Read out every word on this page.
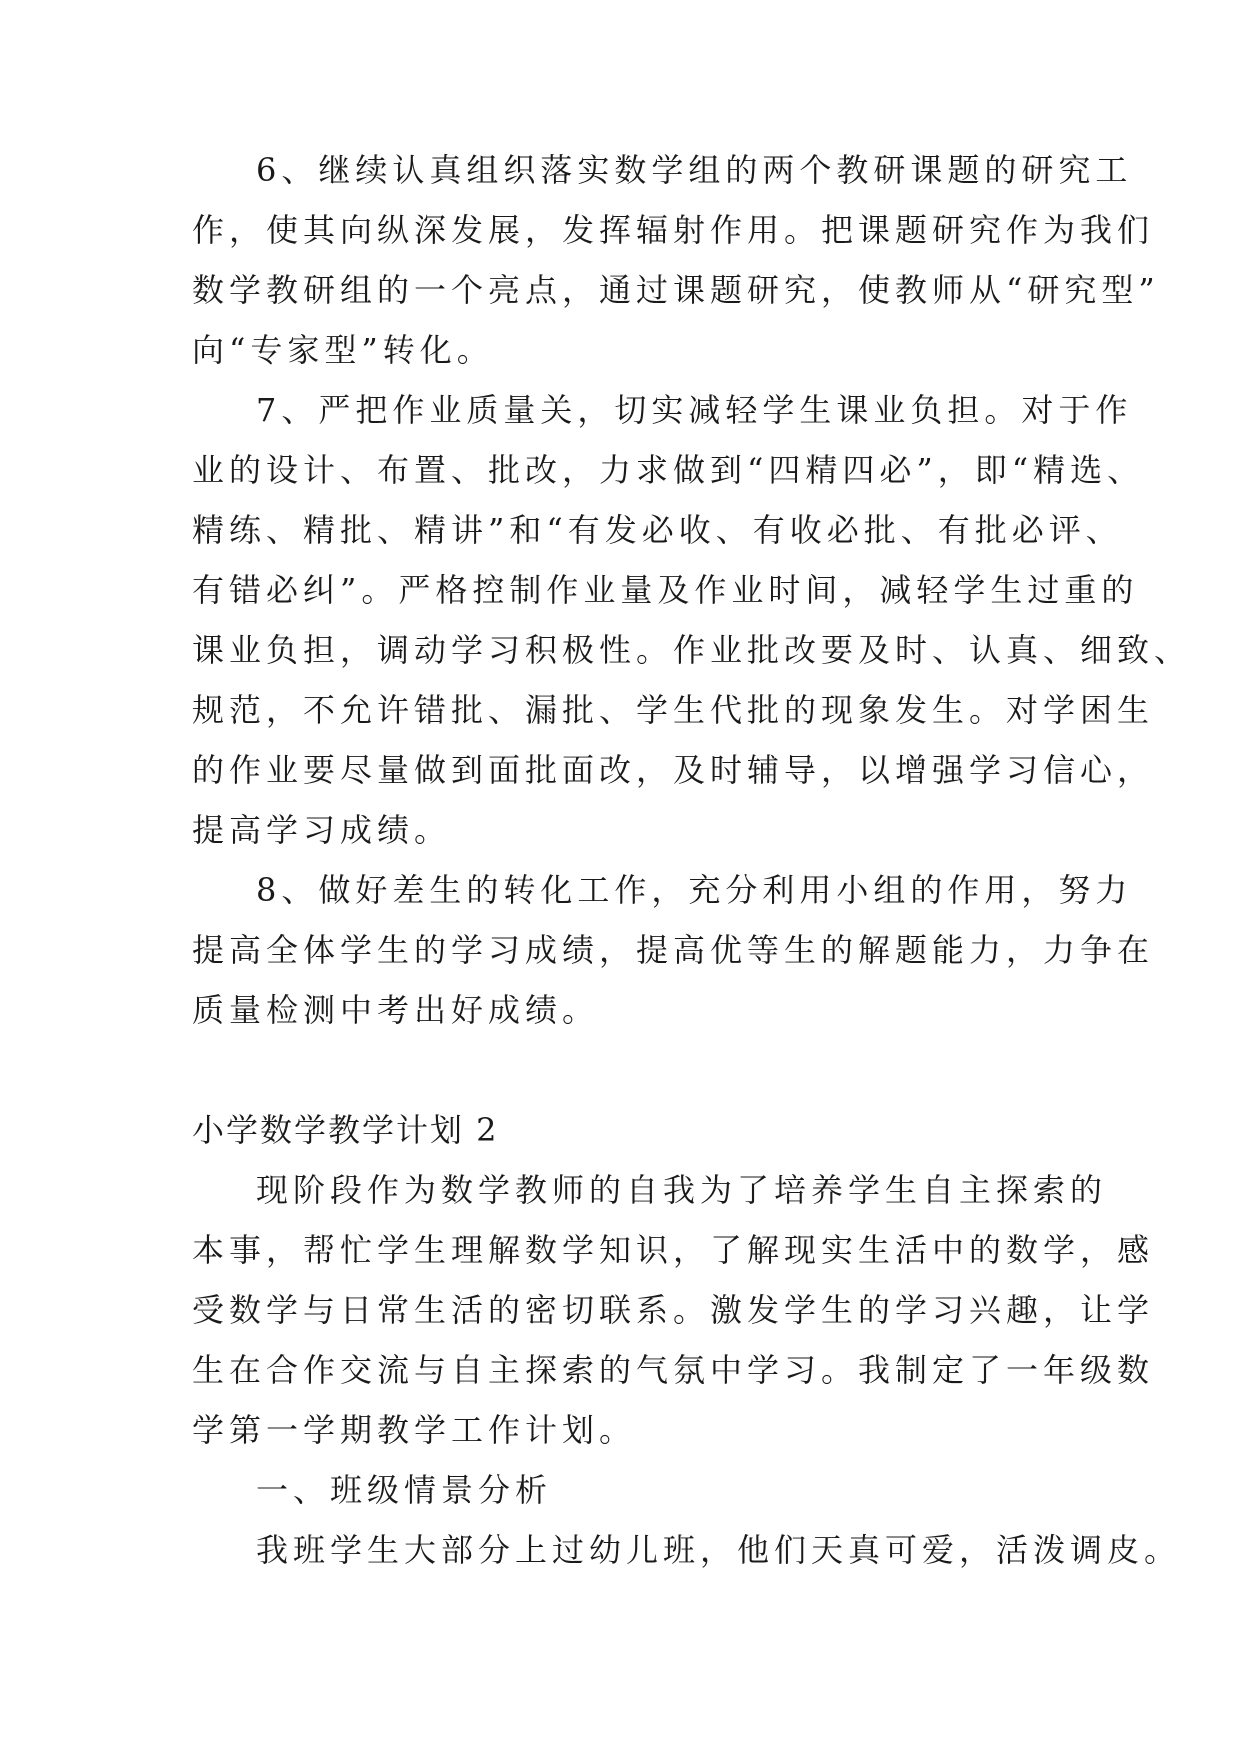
6、继续认真组织落实数学组的两个教研课题的研究工
作，使其向纵深发展，发挥辐射作用。把课题研究作为我们
数学教研组的一个亮点，通过课题研究，使教师从“研究型”
向“专家型”转化。
7、严把作业质量关，切实减轻学生课业负担。对于作
业的设计、布置、批改，力求做到“四精四必”，即“精选、
精练、精批、精讲”和“有发必收、有收必批、有批必评、
有错必纠”。严格控制作业量及作业时间，减轻学生过重的
课业负担，调动学习积极性。作业批改要及时、认真、细致、
规范，不允许错批、漏批、学生代批的现象发生。对学困生
的作业要尽量做到面批面改，及时辅导，以增强学习信心，
提高学习成绩。
8、做好差生的转化工作，充分利用小组的作用，努力
提高全体学生的学习成绩，提高优等生的解题能力，力争在
质量检测中考出好成绩。
小学数学教学计划 2
现阶段作为数学教师的自我为了培养学生自主探索的
本事，帮忙学生理解数学知识，了解现实生活中的数学，感
受数学与日常生活的密切联系。激发学生的学习兴趣，让学
生在合作交流与自主探索的气氛中学习。我制定了一年级数
学第一学期教学工作计划。
一、班级情景分析
我班学生大部分上过幼儿班，他们天真可爱，活泼调皮。
